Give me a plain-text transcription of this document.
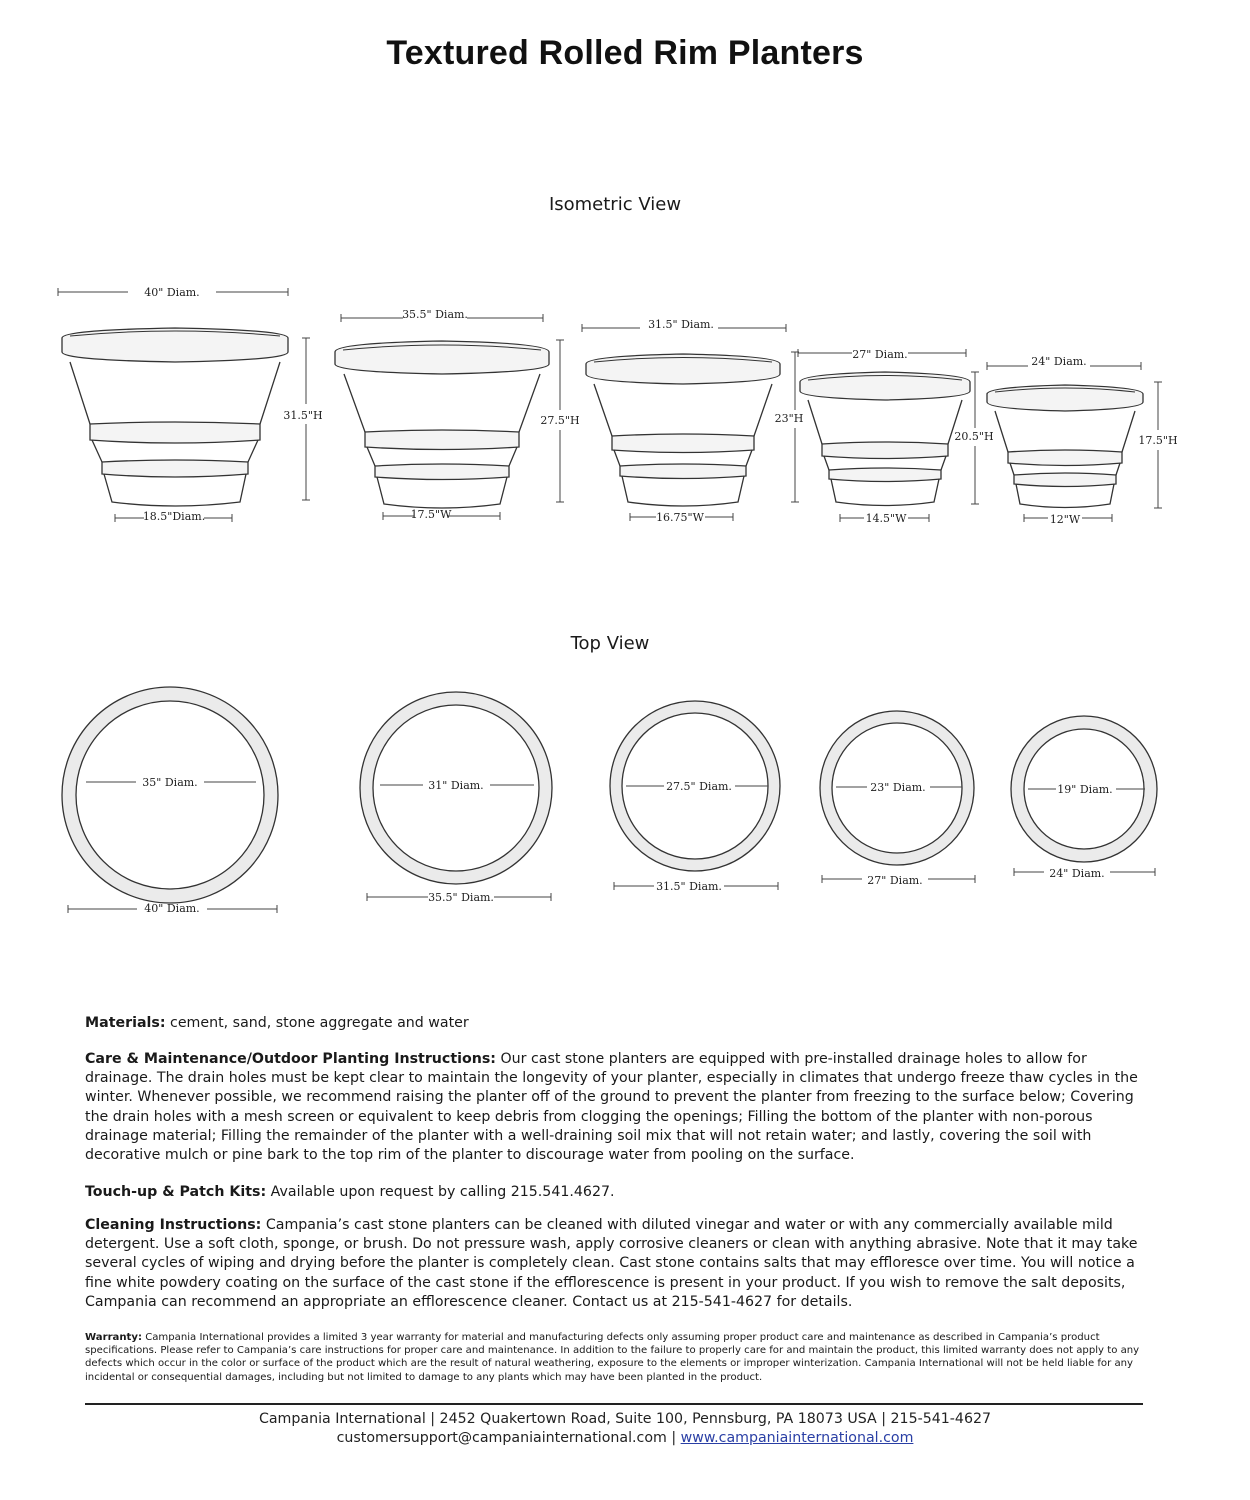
Textured Rolled Rim Planters
Isometric View
Top View
40" Diam.
35.5" Diam.
31.5" Diam.
27" Diam.
24" Diam.
31.5"H	27.5"H	23"H
20.5"H	17.5"H
18.5"Diam.	17.5"W	16.75"W	14.5"W	12"W
35" Diam.	31" Diam.	27.5" Diam.	23" Diam.	19" Diam.
40" Diam.
35.5" Diam.
31.5" Diam.	27" Diam.
24" Diam.
Materials: cement, sand, stone aggregate and water
Care & Maintenance/Outdoor Planting Instructions: Our cast stone planters are equipped with pre-installed drainage holes to allow for drainage. The drain holes must be kept clear to maintain the longevity of your planter, especially in climates that undergo freeze thaw cycles in the winter. Whenever possible, we recommend raising the planter off of the ground to prevent the planter from freezing to the surface below; Covering the drain holes with a mesh screen or equivalent to keep debris from clogging the openings; Filling the bottom of the planter with non-porous drainage material; Filling the remainder of the planter with a well-draining soil mix that will not retain water; and lastly, covering the soil with decorative mulch or pine bark to the top rim of the planter to discourage water from pooling on the surface.
Touch-up & Patch Kits: Available upon request by calling 215.541.4627.
Cleaning Instructions: Campania’s cast stone planters can be cleaned with diluted vinegar and water or with any commercially available mild detergent. Use a soft cloth, sponge, or brush. Do not pressure wash, apply corrosive cleaners or clean with anything abrasive. Note that it may take several cycles of wiping and drying before the planter is completely clean. Cast stone contains salts that may effloresce over time. You will notice a fine white powdery coating on the surface of the cast stone if the efflorescence is present in your product. If you wish to remove the salt deposits, Campania can recommend an appropriate an efflorescence cleaner. Contact us at 215-541-4627 for details.
Warranty: Campania International provides a limited 3 year warranty for material and manufacturing defects only assuming proper product care and maintenance as described in Campania’s product specifications. Please refer to Campania’s care instructions for proper care and maintenance. In addition to the failure to properly care for and maintain the product, this limited warranty does not apply to any defects which occur in the color or surface of the product which are the result of natural weathering, exposure to the elements or improper winterization. Campania International will not be held liable for any incidental or consequential damages, including but not limited to damage to any plants which may have been planted in the product.
Campania International | 2452 Quakertown Road, Suite 100, Pennsburg, PA 18073 USA | 215-541-4627
customersupport@campaniainternational.com | www.campaniainternational.com
